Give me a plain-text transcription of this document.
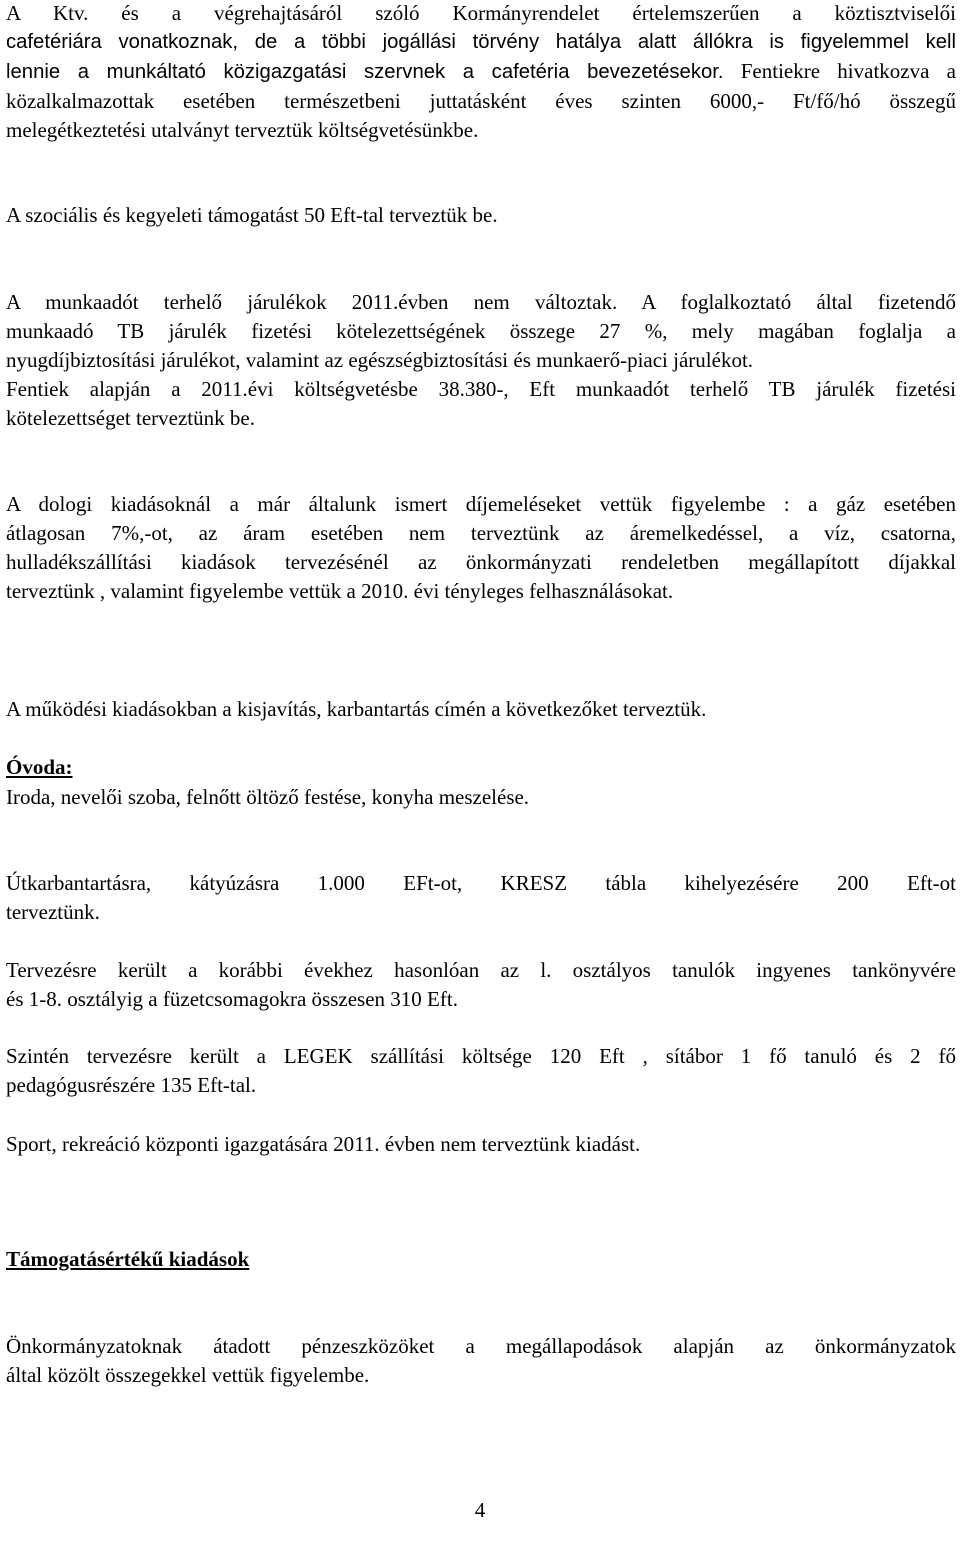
A Ktv. és a végrehajtásáról szóló Kormányrendelet értelemszerűen a köztisztviselői
cafetériára vonatkoznak, de a többi jogállási törvény hatálya alatt állókra is figyelemmel kell
lennie a munkáltató közigazgatási szervnek a cafetéria bevezetésekor. Fentiekre hivatkozva a
közalkalmazottak esetében természetbeni juttatásként éves szinten 6000,- Ft/fő/hó összegű
melegétkeztetési utalványt terveztük költségvetésünkbe.

A szociális és kegyeleti támogatást 50 Eft-tal terveztük be.

A munkaadót terhelő járulékok 2011.évben nem változtak. A foglalkoztató által fizetendő
munkaadó TB járulék fizetési kötelezettségének összege 27 %, mely magában foglalja a
nyugdíjbiztosítási járulékot, valamint az egészségbiztosítási és munkaerő-piaci járulékot.
Fentiek alapján a 2011.évi költségvetésbe 38.380-, Eft munkaadót terhelő TB járulék fizetési
kötelezettséget terveztünk be.

A dologi kiadásoknál a már általunk ismert díjemeléseket vettük figyelembe : a gáz esetében
átlagosan 7%,-ot, az áram esetében nem terveztünk az áremelkedéssel, a víz, csatorna,
hulladékszállítási kiadások tervezésénél az önkormányzati rendeletben megállapított díjakkal
terveztünk , valamint figyelembe vettük a 2010. évi tényleges felhasználásokat.

A működési kiadásokban a kisjavítás, karbantartás címén a következőket terveztük.

Óvoda:

Iroda, nevelői szoba, felnőtt öltöző festése, konyha meszelése.

Útkarbantartásra, kátyúzásra 1.000 EFt-ot, KRESZ tábla kihelyezésére 200 Eft-ot
terveztünk.

Tervezésre került a korábbi évekhez hasonlóan az l. osztályos tanulók ingyenes tankönyvére
és 1-8. osztályig a füzetcsomagokra összesen 310 Eft.

Szintén tervezésre került a LEGEK szállítási költsége 120 Eft , sítábor 1 fő tanuló és 2 fő
pedagógusrészére 135 Eft-tal.

Sport, rekreáció központi igazgatására 2011. évben nem terveztünk kiadást.

Támogatásértékű kiadások

Önkormányzatoknak átadott pénzeszközöket a megállapodások alapján az önkormányzatok
által közölt összegekkel vettük figyelembe.

4
